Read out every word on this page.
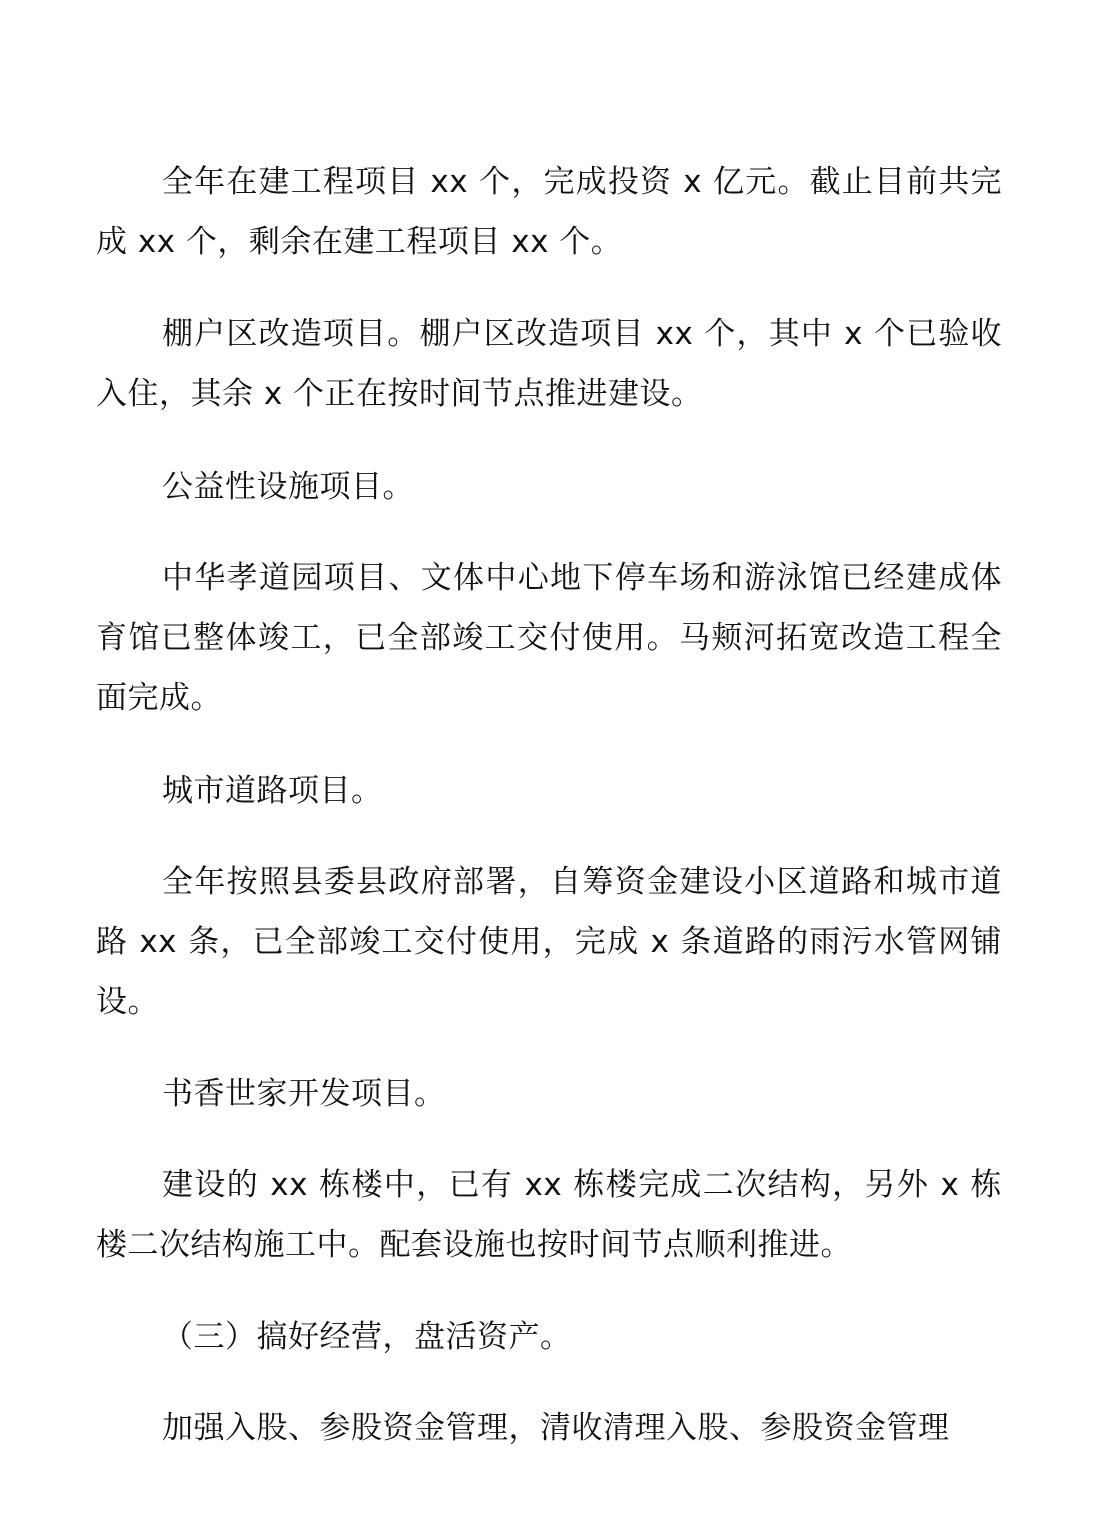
全年在建工程项目 xx 个，完成投资 x 亿元。截止目前共完成 xx 个，剩余在建工程项目 xx 个。

棚户区改造项目。棚户区改造项目 xx 个，其中 x 个已验收入住，其余 x 个正在按时间节点推进建设。

公益性设施项目。

中华孝道园项目、文体中心地下停车场和游泳馆已经建成体育馆已整体竣工，已全部竣工交付使用。马颊河拓宽改造工程全面完成。

城市道路项目。

全年按照县委县政府部署，自筹资金建设小区道路和城市道路 xx 条，已全部竣工交付使用，完成 x 条道路的雨污水管网铺设。

书香世家开发项目。

建设的 xx 栋楼中，已有 xx 栋楼完成二次结构，另外 x 栋楼二次结构施工中。配套设施也按时间节点顺利推进。

（三）搞好经营，盘活资产。

加强入股、参股资金管理，清收清理入股、参股资金管理
